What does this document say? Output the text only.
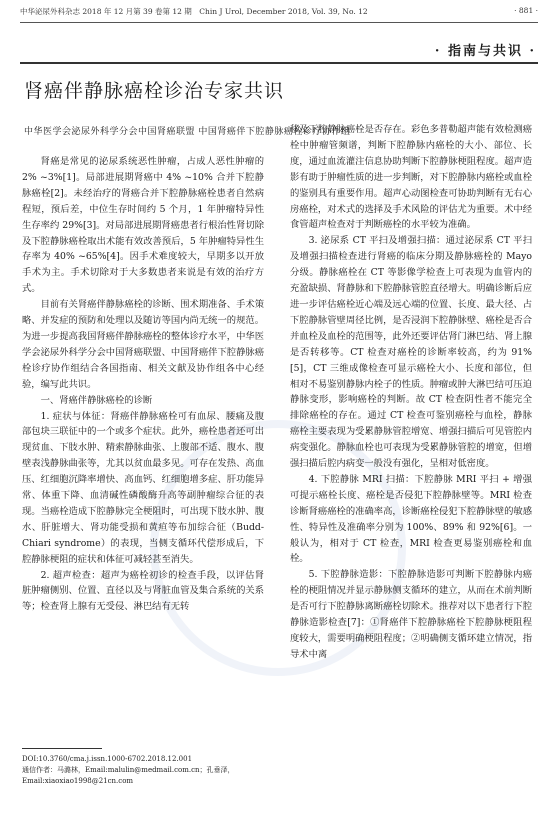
中华泌尿外科杂志 2018 年 12 月第 39 卷第 12 期　Chin J Urol, December 2018, Vol. 39, No. 12	· 881 ·
· 指南与共识 ·
肾癌伴静脉癌栓诊治专家共识
中华医学会泌尿外科学分会中国肾癌联盟 中国肾癌伴下腔静脉癌栓诊疗协作组

肾癌是常见的泌尿系统恶性肿瘤，占成人恶性肿瘤的 2% ~3%[1]。局部进展期肾癌中 4% ~10% 合并下腔静脉癌栓[2]。未经治疗的肾癌合并下腔静脉癌栓患者自然病程短，预后差，中位生存时间约 5 个月，1 年肿瘤特异性生存率约 29%[3]。对局部进展期肾癌患者行根治性肾切除及下腔静脉癌栓取出术能有效改善预后，5 年肿瘤特异性生存率为 40% ~65%[4]。因手术难度较大，早期多以开放手术为主。手术切除对于大多数患者来说是有效的治疗方式。

目前有关肾癌伴静脉癌栓的诊断、围术期准备、手术策略、并发症的预防和处理以及随访等国内尚无统一的规范。为进一步提高我国肾癌伴静脉癌栓的整体诊疗水平，中华医学会泌尿外科学分会中国肾癌联盟、中国肾癌伴下腔静脉癌栓诊疗协作组结合各国指南、相关文献及协作组各中心经验，编写此共识。

一、肾癌伴静脉癌栓的诊断

1. 症状与体征：肾癌伴静脉癌栓可有血尿、腰痛及腹部包块三联征中的一个或多个症状。此外，癌栓患者还可出现贫血、下肢水肿、精索静脉曲张、上腹部不适、腹水、腹壁表浅静脉曲张等，尤其以贫血最多见。可存在发热、高血压、红细胞沉降率增快、高血钙、红细胞增多症、肝功能异常、体重下降、血清碱性磷酸酶升高等副肿瘤综合征的表现。当癌栓造成下腔静脉完全梗阻时，可出现下肢水肿、腹水、肝脏增大、肾功能受损和黄疸等布加综合征（Budd-Chiari syndrome）的表现，当侧支循环代偿形成后，下腔静脉梗阻的症状和体征可减轻甚至消失。

2. 超声检查：超声为癌栓初诊的检查手段，以评估肾脏肿瘤侧别、位置、直径以及与肾脏血管及集合系统的关系等；检查肾上腺有无受侵、淋巴结有无转

移及下腔静脉癌栓是否存在。彩色多普勒超声能有效检测癌栓中肿瘤管频谱，判断下腔静脉内癌栓的大小、部位、长度，通过血流灌注信息协助判断下腔静脉梗阻程度。超声造影有助于肿瘤性质的进一步判断，对下腔静脉内癌栓或血栓的鉴别具有重要作用。超声心动图检查可协助判断有无右心房癌栓，对术式的选择及手术风险的评估尤为重要。术中经食管超声检查对于判断癌栓的水平较为准确。

3. 泌尿系 CT 平扫及增强扫描：通过泌尿系 CT 平扫及增强扫描检查进行肾癌的临床分期及静脉癌栓的 Mayo 分级。静脉癌栓在 CT 等影像学检查上可表现为血管内的充盈缺损、肾静脉和下腔静脉管腔直径增大。明确诊断后应进一步评估癌栓近心端及远心端的位置、长度、最大径、占下腔静脉管壁周径比例，是否浸润下腔静脉壁、癌栓是否合并血栓及血栓的范围等，此外还要评估肾门淋巴结、肾上腺是否转移等。CT 检查对癌栓的诊断率较高，约为 91%[5]，CT 三维成像检查可显示癌栓大小、长度和部位，但相对不易鉴别静脉内栓子的性质。肿瘤或肿大淋巴结可压迫静脉变形，影响癌栓的判断。故 CT 检查阴性者不能完全排除癌栓的存在。通过 CT 检查可鉴别癌栓与血栓，静脉癌栓主要表现为受累静脉管腔增宽、增强扫描后可见管腔内病变强化。静脉血栓也可表现为受累静脉管腔的增宽，但增强扫描后腔内病变一般没有强化，呈相对低密度。

4. 下腔静脉 MRI 扫描：下腔静脉 MRI 平扫 + 增强可提示癌栓长度、癌栓是否侵犯下腔静脉壁等。MRI 检查诊断肾癌癌栓的准确率高，诊断癌栓侵犯下腔静脉壁的敏感性、特异性及准确率分别为 100%、89% 和 92%[6]。一般认为，相对于 CT 检查，MRI 检查更易鉴别癌栓和血栓。

5. 下腔静脉造影：下腔静脉造影可判断下腔静脉内癌栓的梗阻情况并显示静脉侧支循环的建立，从而在术前判断是否可行下腔静脉离断癌栓切除术。推荐对以下患者行下腔静脉造影检查[7]：①肾癌伴下腔静脉癌栓下腔静脉梗阻程度较大，需要明确梗阻程度；②明确侧支循环建立情况，指导术中离

DOI:10.3760/cma.j.issn.1000-6702.2018.12.001
通信作者：马潞林，Email:malulin@medmail.com.cn；孔垂泽，
Email:xiaoxiao1998@21cn.com
